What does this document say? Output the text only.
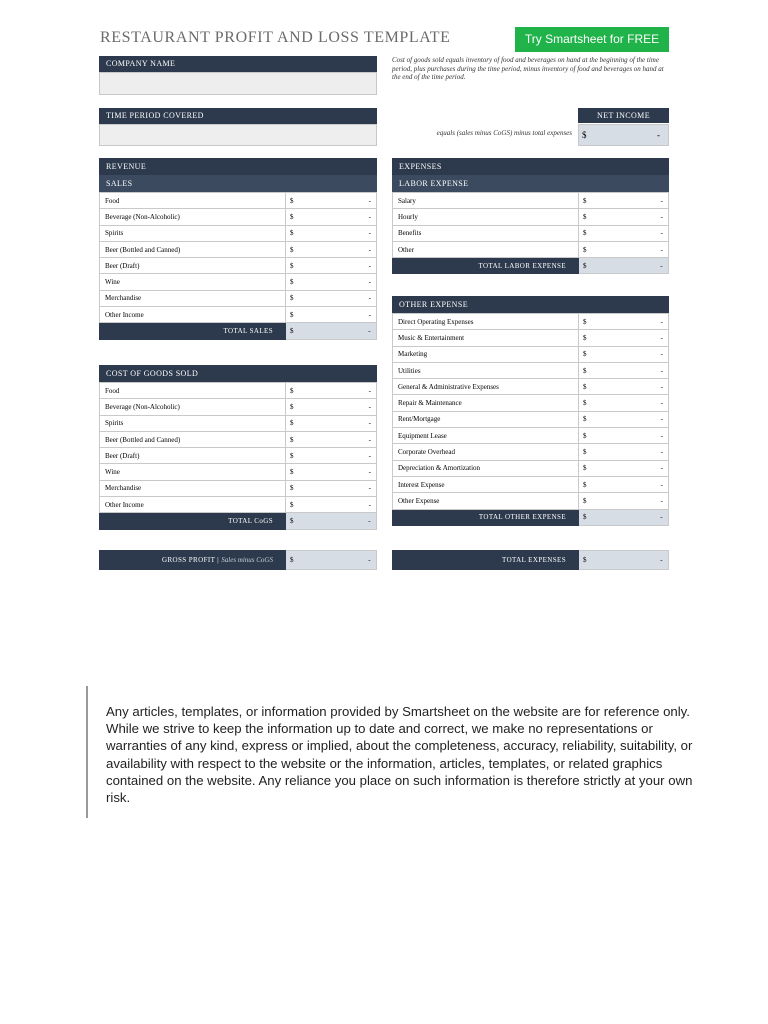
RESTAURANT PROFIT AND LOSS TEMPLATE	Try Smartsheet for FREE
COMPANY NAME	Cost of goods sold equals inventory of food and beverages on hand at the beginning of the time period, plus purchases during the time period, minus inventory of food and beverages on hand at the end of the time period.
TIME PERIOD COVERED
equals (sales minus CoGS) minus total expenses
NET INCOME
$	-
REVENUE
SALES
Food	$	-
Beverage (Non-Alcoholic)	$	-
Spirits	$	-
Beer (Bottled and Canned)	$	-
Beer (Draft)	$	-
Wine	$	-
Merchandise	$	-
Other Income	$	-
TOTAL SALES	$	-
COST OF GOODS SOLD
Food	$	-
Beverage (Non-Alcoholic)	$	-
Spirits	$	-
Beer (Bottled and Canned)	$	-
Beer (Draft)	$	-
Wine	$	-
Merchandise	$	-
Other Income	$	-
TOTAL CoGS	$	-
GROSS PROFIT | Sales minus CoGS	$	-
EXPENSES
LABOR EXPENSE
Salary	$	-
Hourly	$	-
Benefits	$	-
Other	$	-
TOTAL LABOR EXPENSE	$	-
OTHER EXPENSE
Direct Operating Expenses	$	-
Music & Entertainment	$	-
Marketing	$	-
Utilities	$	-
General & Administrative Expenses	$	-
Repair & Maintenance	$	-
Rent/Mortgage	$	-
Equipment Lease	$	-
Corporate Overhead	$	-
Depreciation & Amortization	$	-
Interest Expense	$	-
Other Expense	$	-
TOTAL OTHER EXPENSE	$	-
TOTAL EXPENSES	$	-
Any articles, templates, or information provided by Smartsheet on the website are for reference only. While we strive to keep the information up to date and correct, we make no representations or warranties of any kind, express or implied, about the completeness, accuracy, reliability, suitability, or availability with respect to the website or the information, articles, templates, or related graphics contained on the website. Any reliance you place on such information is therefore strictly at your own risk.
